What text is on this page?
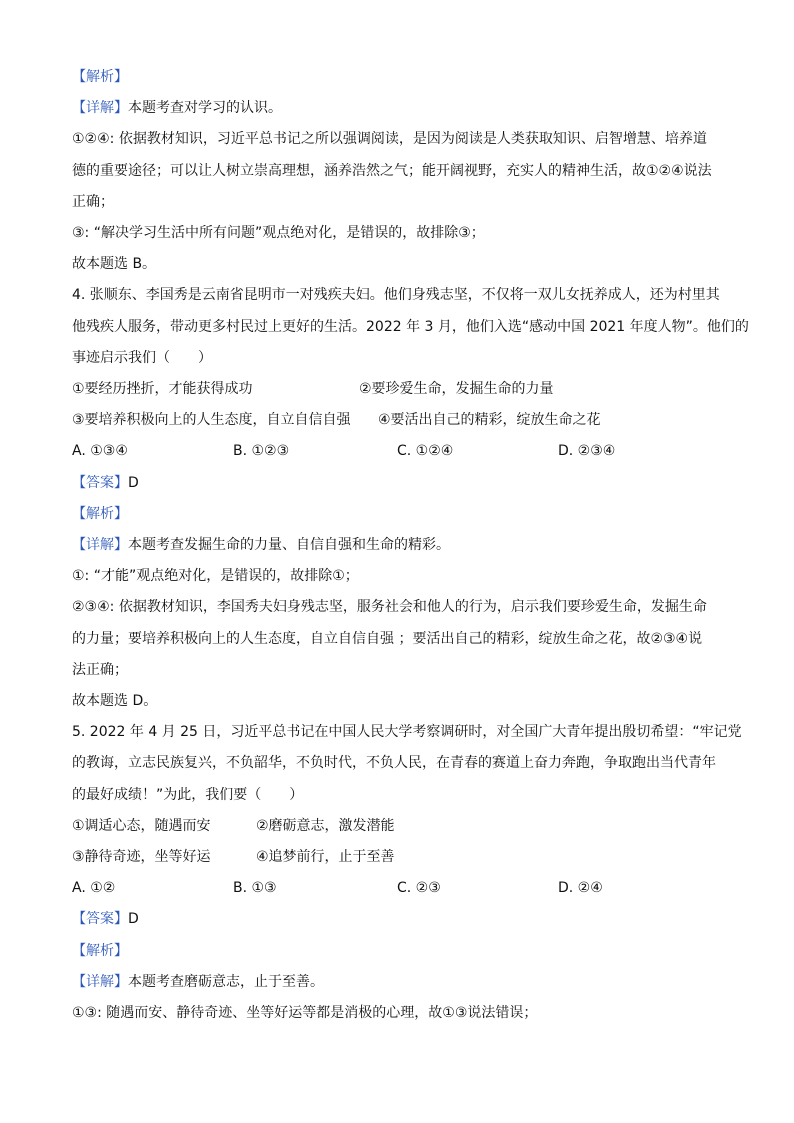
【解析】
【详解】本题考查对学习的认识。
①②④: 依据教材知识，习近平总书记之所以强调阅读，是因为阅读是人类获取知识、启智增慧、培养道
德的重要途径；可以让人树立崇高理想，涵养浩然之气；能开阔视野，充实人的精神生活，故①②④说法
正确；
③: “解决学习生活中所有问题”观点绝对化，是错误的，故排除③；
故本题选 B。
4. 张顺东、李国秀是云南省昆明市一对残疾夫妇。他们身残志坚，不仅将一双儿女抚养成人，还为村里其
他残疾人服务，带动更多村民过上更好的生活。2022 年 3 月，他们入选“感动中国 2021 年度人物”。他们的
事迹启示我们（　　）
①要经历挫折，才能获得成功	②要珍爱生命，发掘生命的力量
③要培养积极向上的人生态度，自立自信自强 ④要活出自己的精彩，绽放生命之花
A. ①③④	B. ①②③	C. ①②④	D. ②③④
【答案】D
【解析】
【详解】本题考查发掘生命的力量、自信自强和生命的精彩。
①: “才能”观点绝对化，是错误的，故排除①；
②③④: 依据教材知识，李国秀夫妇身残志坚，服务社会和他人的行为，启示我们要珍爱生命，发掘生命
的力量；要培养积极向上的人生态度，自立自信自强 ；要活出自己的精彩，绽放生命之花，故②③④说
法正确；
故本题选 D。
5. 2022 年 4 月 25 日，习近平总书记在中国人民大学考察调研时，对全国广大青年提出殷切希望：“牢记党
的教诲，立志民族复兴，不负韶华，不负时代，不负人民，在青春的赛道上奋力奔跑，争取跑出当代青年
的最好成绩！”为此，我们要（　　）
①调适心态，随遇而安	②磨砺意志，激发潜能
③静待奇迹，坐等好运	④追梦前行，止于至善
A. ①②	B. ①③	C. ②③	D. ②④
【答案】D
【解析】
【详解】本题考查磨砺意志，止于至善。
①③: 随遇而安、静待奇迹、坐等好运等都是消极的心理，故①③说法错误；
